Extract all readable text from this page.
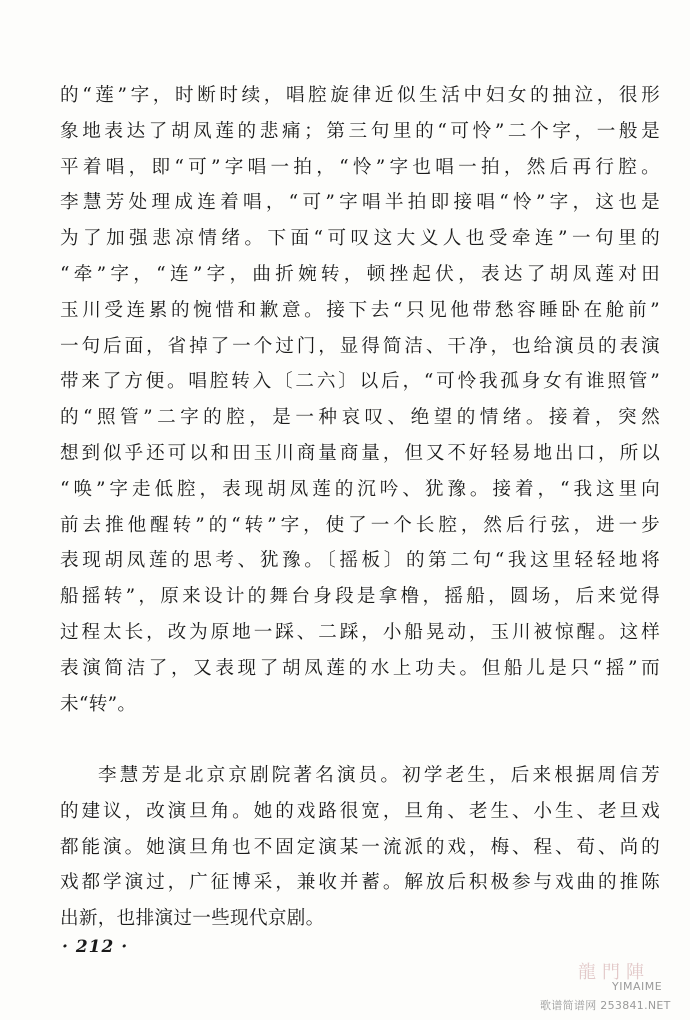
的“莲”字，时断时续，唱腔旋律近似生活中妇女的抽泣，很形
象地表达了胡凤莲的悲痛；第三句里的“可怜”二个字，一般是
平着唱，即“可”字唱一拍，“怜”字也唱一拍，然后再行腔。
李慧芳处理成连着唱，“可”字唱半拍即接唱“怜”字，这也是
为了加强悲凉情绪。下面“可叹这大义人也受牵连”一句里的
“牵”字，“连”字，曲折婉转，顿挫起伏，表达了胡凤莲对田
玉川受连累的惋惜和歉意。接下去“只见他带愁容睡卧在舱前”
一句后面，省掉了一个过门，显得简洁、干净，也给演员的表演
带来了方便。唱腔转入〔二六〕以后，“可怜我孤身女有谁照管”
的“照管”二字的腔，是一种哀叹、绝望的情绪。接着，突然
想到似乎还可以和田玉川商量商量，但又不好轻易地出口，所以
“唤”字走低腔，表现胡凤莲的沉吟、犹豫。接着，“我这里向
前去推他醒转”的“转”字，使了一个长腔，然后行弦，进一步
表现胡凤莲的思考、犹豫。〔摇板〕的第二句“我这里轻轻地将
船摇转”，原来设计的舞台身段是拿橹，摇船，圆场，后来觉得
过程太长，改为原地一踩、二踩，小船晃动，玉川被惊醒。这样
表演简洁了，又表现了胡凤莲的水上功夫。但船儿是只“摇”而
未“转”。
李慧芳是北京京剧院著名演员。初学老生，后来根据周信芳
的建议，改演旦角。她的戏路很宽，旦角、老生、小生、老旦戏
都能演。她演旦角也不固定演某一流派的戏，梅、程、荀、尚的
戏都学演过，广征博采，兼收并蓄。解放后积极参与戏曲的推陈
出新，也排演过一些现代京剧。
· 212 ·
龍門陣
YIMAIME
歌谱简谱网 253841.NET
